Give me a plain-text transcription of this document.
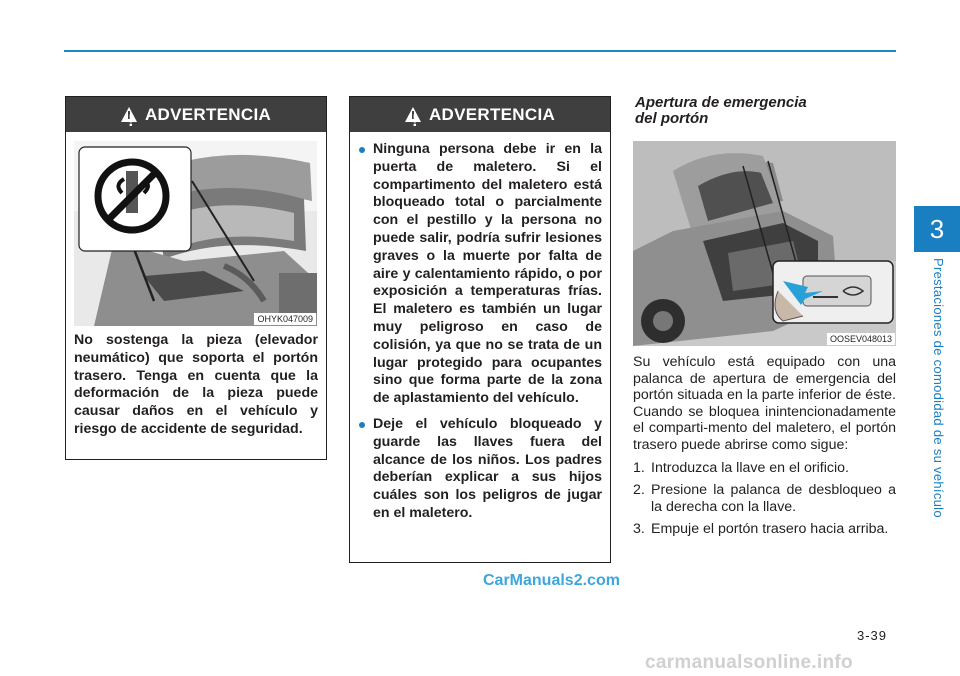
3
Prestaciones de comodidad de su vehículo
! ADVERTENCIA
OHYK047009
No sostenga la pieza (elevador neumático) que soporta el portón trasero. Tenga en cuenta que la deformación de la pieza puede causar daños en el vehículo y riesgo de accidente de seguridad.
! ADVERTENCIA
Ninguna persona debe ir en la puerta de maletero. Si el compartimento del maletero está bloqueado total o parcialmente con el pestillo y la persona no puede salir, podría sufrir lesiones graves o la muerte por falta de aire y calentamiento rápido, o por exposición a temperaturas frías. El maletero es también un lugar muy peligroso en caso de colisión, ya que no se trata de un lugar protegido para ocupantes sino que forma parte de la zona de aplastamiento del vehículo.
Deje el vehículo bloqueado y guarde las llaves fuera del alcance de los niños. Los padres deberían explicar a sus hijos cuáles son los peligros de jugar en el maletero.
Apertura de emergencia
del portón
OOSEV048013

Su vehículo está equipado con una palanca de apertura de emergencia del portón situada en la parte inferior de éste. Cuando se bloquea inintencionadamente el comparti-mento del maletero, el portón trasero puede abrirse como sigue:

1. Introduzca la llave en el orificio.
2. Presione la palanca de desbloqueo a la derecha con la llave.
3. Empuje el portón trasero hacia arriba.
CarManuals2.com
3-39
carmanualsonline.info
